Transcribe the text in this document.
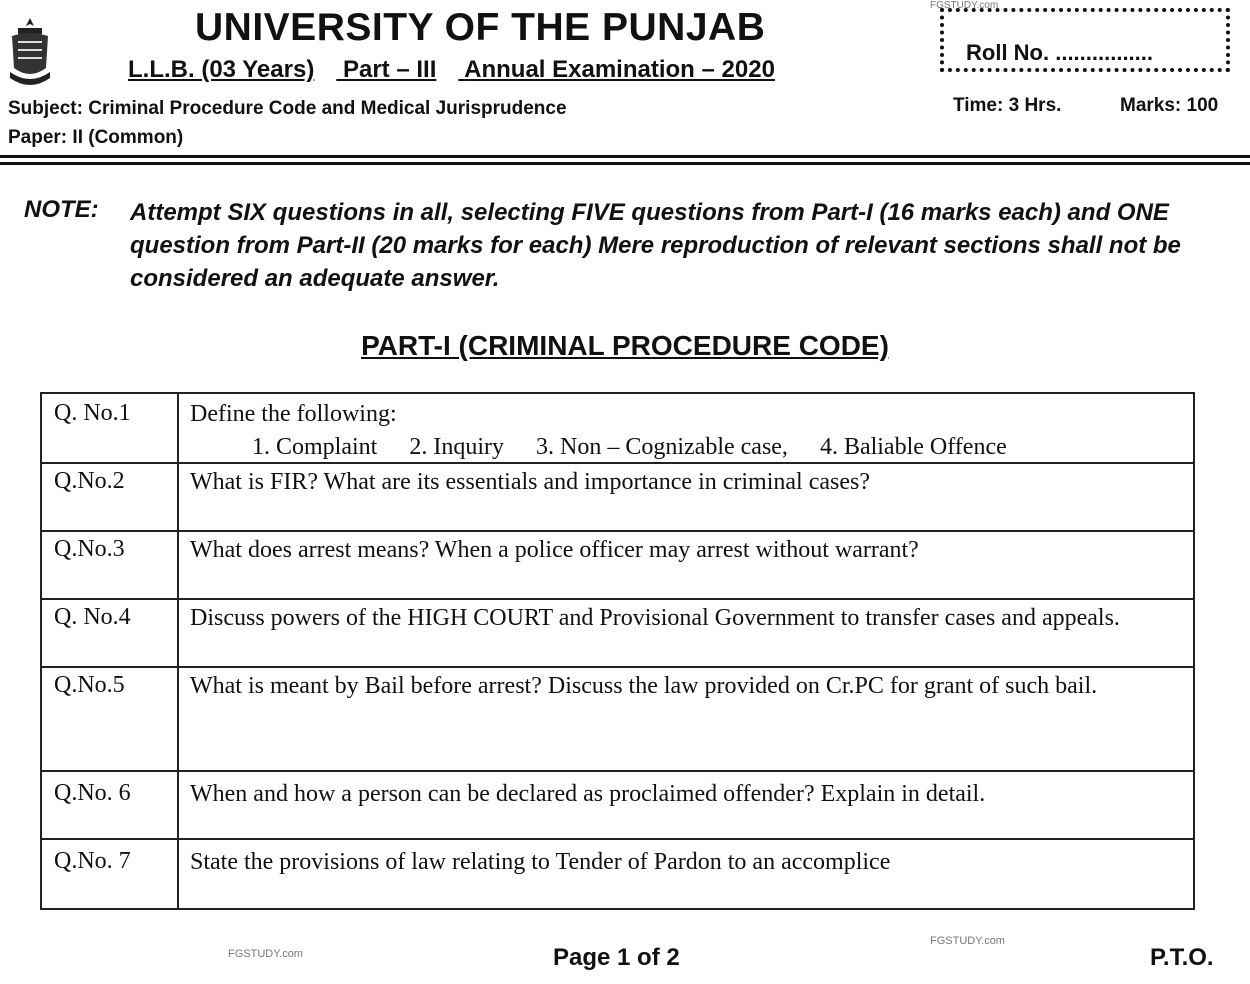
FGSTUDY.com
UNIVERSITY OF THE PUNJAB
L.L.B. (03 Years) Part – III Annual Examination – 2020
Roll No. ................
Subject: Criminal Procedure Code and Medical Jurisprudence
Paper: II (Common)
Time: 3 Hrs.	Marks: 100
NOTE: Attempt SIX questions in all, selecting FIVE questions from Part-I (16 marks each) and ONE question from Part-II (20 marks for each) Mere reproduction of relevant sections shall not be considered an adequate answer.
PART-I (CRIMINAL PROCEDURE CODE)
Q. No.1 Define the following:
1. Complaint 2. Inquiry 3. Non – Cognizable case, 4. Baliable Offence
Q.No.2	What is FIR? What are its essentials and importance in criminal cases?
Q.No.3	What does arrest means? When a police officer may arrest without warrant?
Q. No.4 Discuss powers of the HIGH COURT and Provisional Government to transfer cases and appeals.
Q.No.5	What is meant by Bail before arrest? Discuss the law provided on Cr.PC for grant of such bail.
Q.No. 6 When and how a person can be declared as proclaimed offender? Explain in detail.
Q.No. 7 State the provisions of law relating to Tender of Pardon to an accomplice
FGSTUDY.com
FGSTUDY.com
Page 1 of 2	P.T.O.
